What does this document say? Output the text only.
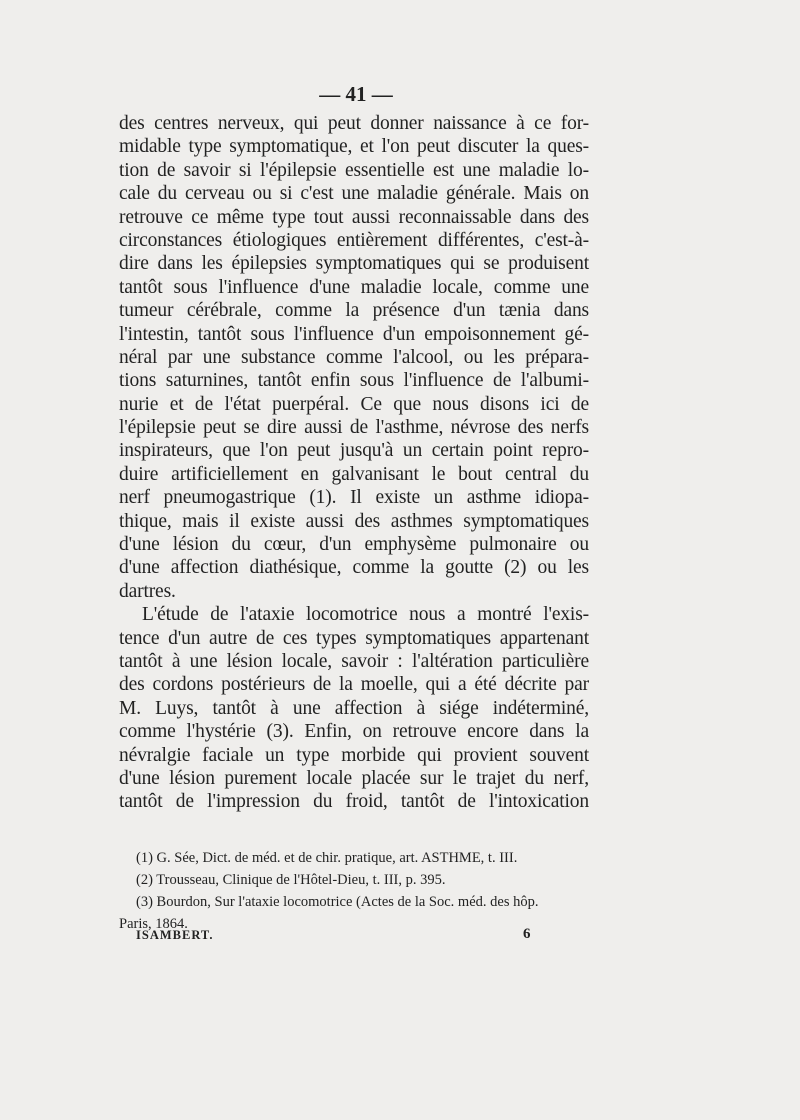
— 41 —
des centres nerveux, qui peut donner naissance à ce for-
midable type symptomatique, et l'on peut discuter la ques-
tion de savoir si l'épilepsie essentielle est une maladie lo-
cale du cerveau ou si c'est une maladie générale. Mais on
retrouve ce même type tout aussi reconnaissable dans des
circonstances étiologiques entièrement différentes, c'est-à-
dire dans les épilepsies symptomatiques qui se produisent
tantôt sous l'influence d'une maladie locale, comme une
tumeur cérébrale, comme la présence d'un tænia dans
l'intestin, tantôt sous l'influence d'un empoisonnement gé-
néral par une substance comme l'alcool, ou les prépara-
tions saturnines, tantôt enfin sous l'influence de l'albumi-
nurie et de l'état puerpéral. Ce que nous disons ici de
l'épilepsie peut se dire aussi de l'asthme, névrose des nerfs
inspirateurs, que l'on peut jusqu'à un certain point repro-
duire artificiellement en galvanisant le bout central du
nerf pneumogastrique (1). Il existe un asthme idiopa-
thique, mais il existe aussi des asthmes symptomatiques
d'une lésion du cœur, d'un emphysème pulmonaire ou
d'une affection diathésique, comme la goutte (2) ou les
dartres.
L'étude de l'ataxie locomotrice nous a montré l'exis-
tence d'un autre de ces types symptomatiques appartenant
tantôt à une lésion locale, savoir : l'altération particulière
des cordons postérieurs de la moelle, qui a été décrite par
M. Luys, tantôt à une affection à siége indéterminé,
comme l'hystérie (3). Enfin, on retrouve encore dans la
névralgie faciale un type morbide qui provient souvent
d'une lésion purement locale placée sur le trajet du nerf,
tantôt de l'impression du froid, tantôt de l'intoxication
(1) G. Sée, Dict. de méd. et de chir. pratique, art. ASTHME, t. III.
(2) Trousseau, Clinique de l'Hôtel-Dieu, t. III, p. 395.
(3) Bourdon, Sur l'ataxie locomotrice (Actes de la Soc. méd. des hôp.
Paris, 1864.
ISAMBERT.	6
